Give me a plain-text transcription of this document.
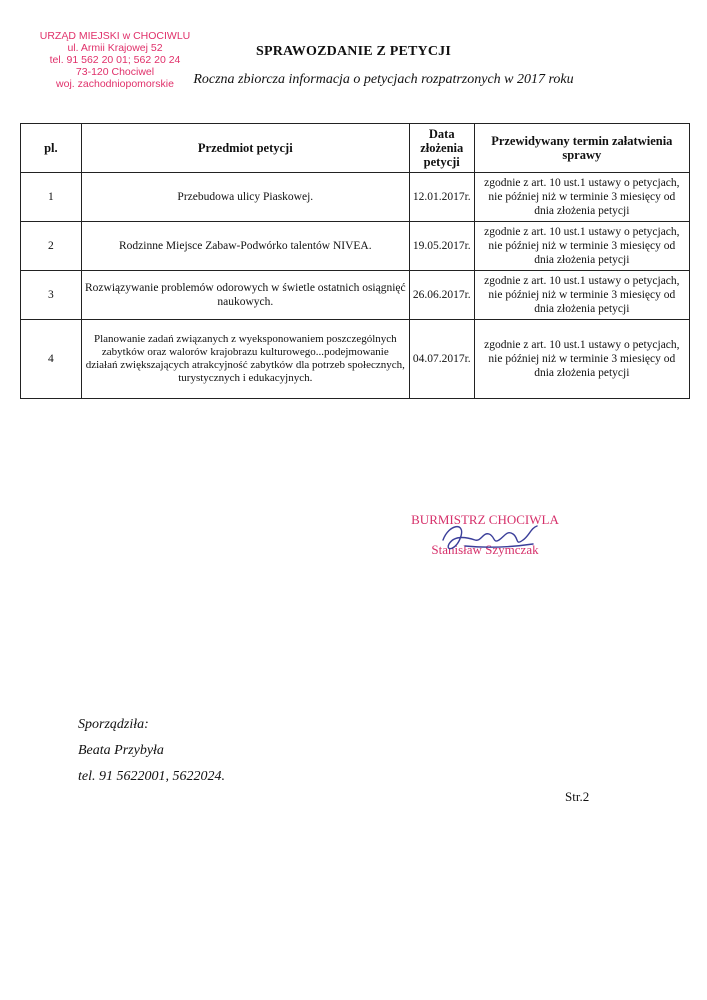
URZĄD MIEJSKI w CHOCIWLU
ul. Armii Krajowej 52
tel. 91 562 20 01; 562 20 24
73-120 Chociwel
woj. zachodniopomorskie
SPRAWOZDANIE Z PETYCJI
Roczna zbiorcza informacja o petycjach rozpatrzonych w 2017 roku
pl.	Przedmiot petycji	Data
złożenia
petycji	Przewidywany termin załatwienia sprawy
1	Przebudowa ulicy Piaskowej.	12.01.2017r.	zgodnie z art. 10 ust.1 ustawy o petycjach, nie później niż w terminie 3 miesięcy od dnia złożenia petycji
2	Rodzinne Miejsce Zabaw-Podwórko talentów NIVEA.	19.05.2017r.	zgodnie z art. 10 ust.1 ustawy o petycjach, nie później niż w terminie 3 miesięcy od dnia złożenia petycji
3	Rozwiązywanie problemów odorowych w świetle ostatnich osiągnięć naukowych.	26.06.2017r.	zgodnie z art. 10 ust.1 ustawy o petycjach, nie później niż w terminie 3 miesięcy od dnia złożenia petycji
4	Planowanie zadań związanych z wyeksponowaniem poszczególnych zabytków oraz walorów krajobrazu kulturowego...podejmowanie działań zwiększających atrakcyjność zabytków dla potrzeb społecznych, turystycznych i edukacyjnych.	04.07.2017r.	zgodnie z art. 10 ust.1 ustawy o petycjach, nie później niż w terminie 3 miesięcy od dnia złożenia petycji
BURMISTRZ CHOCIWLA
Stanisław Szymczak
Sporządziła:
Beata Przybyła
tel. 91 5622001, 5622024.
Str.2
